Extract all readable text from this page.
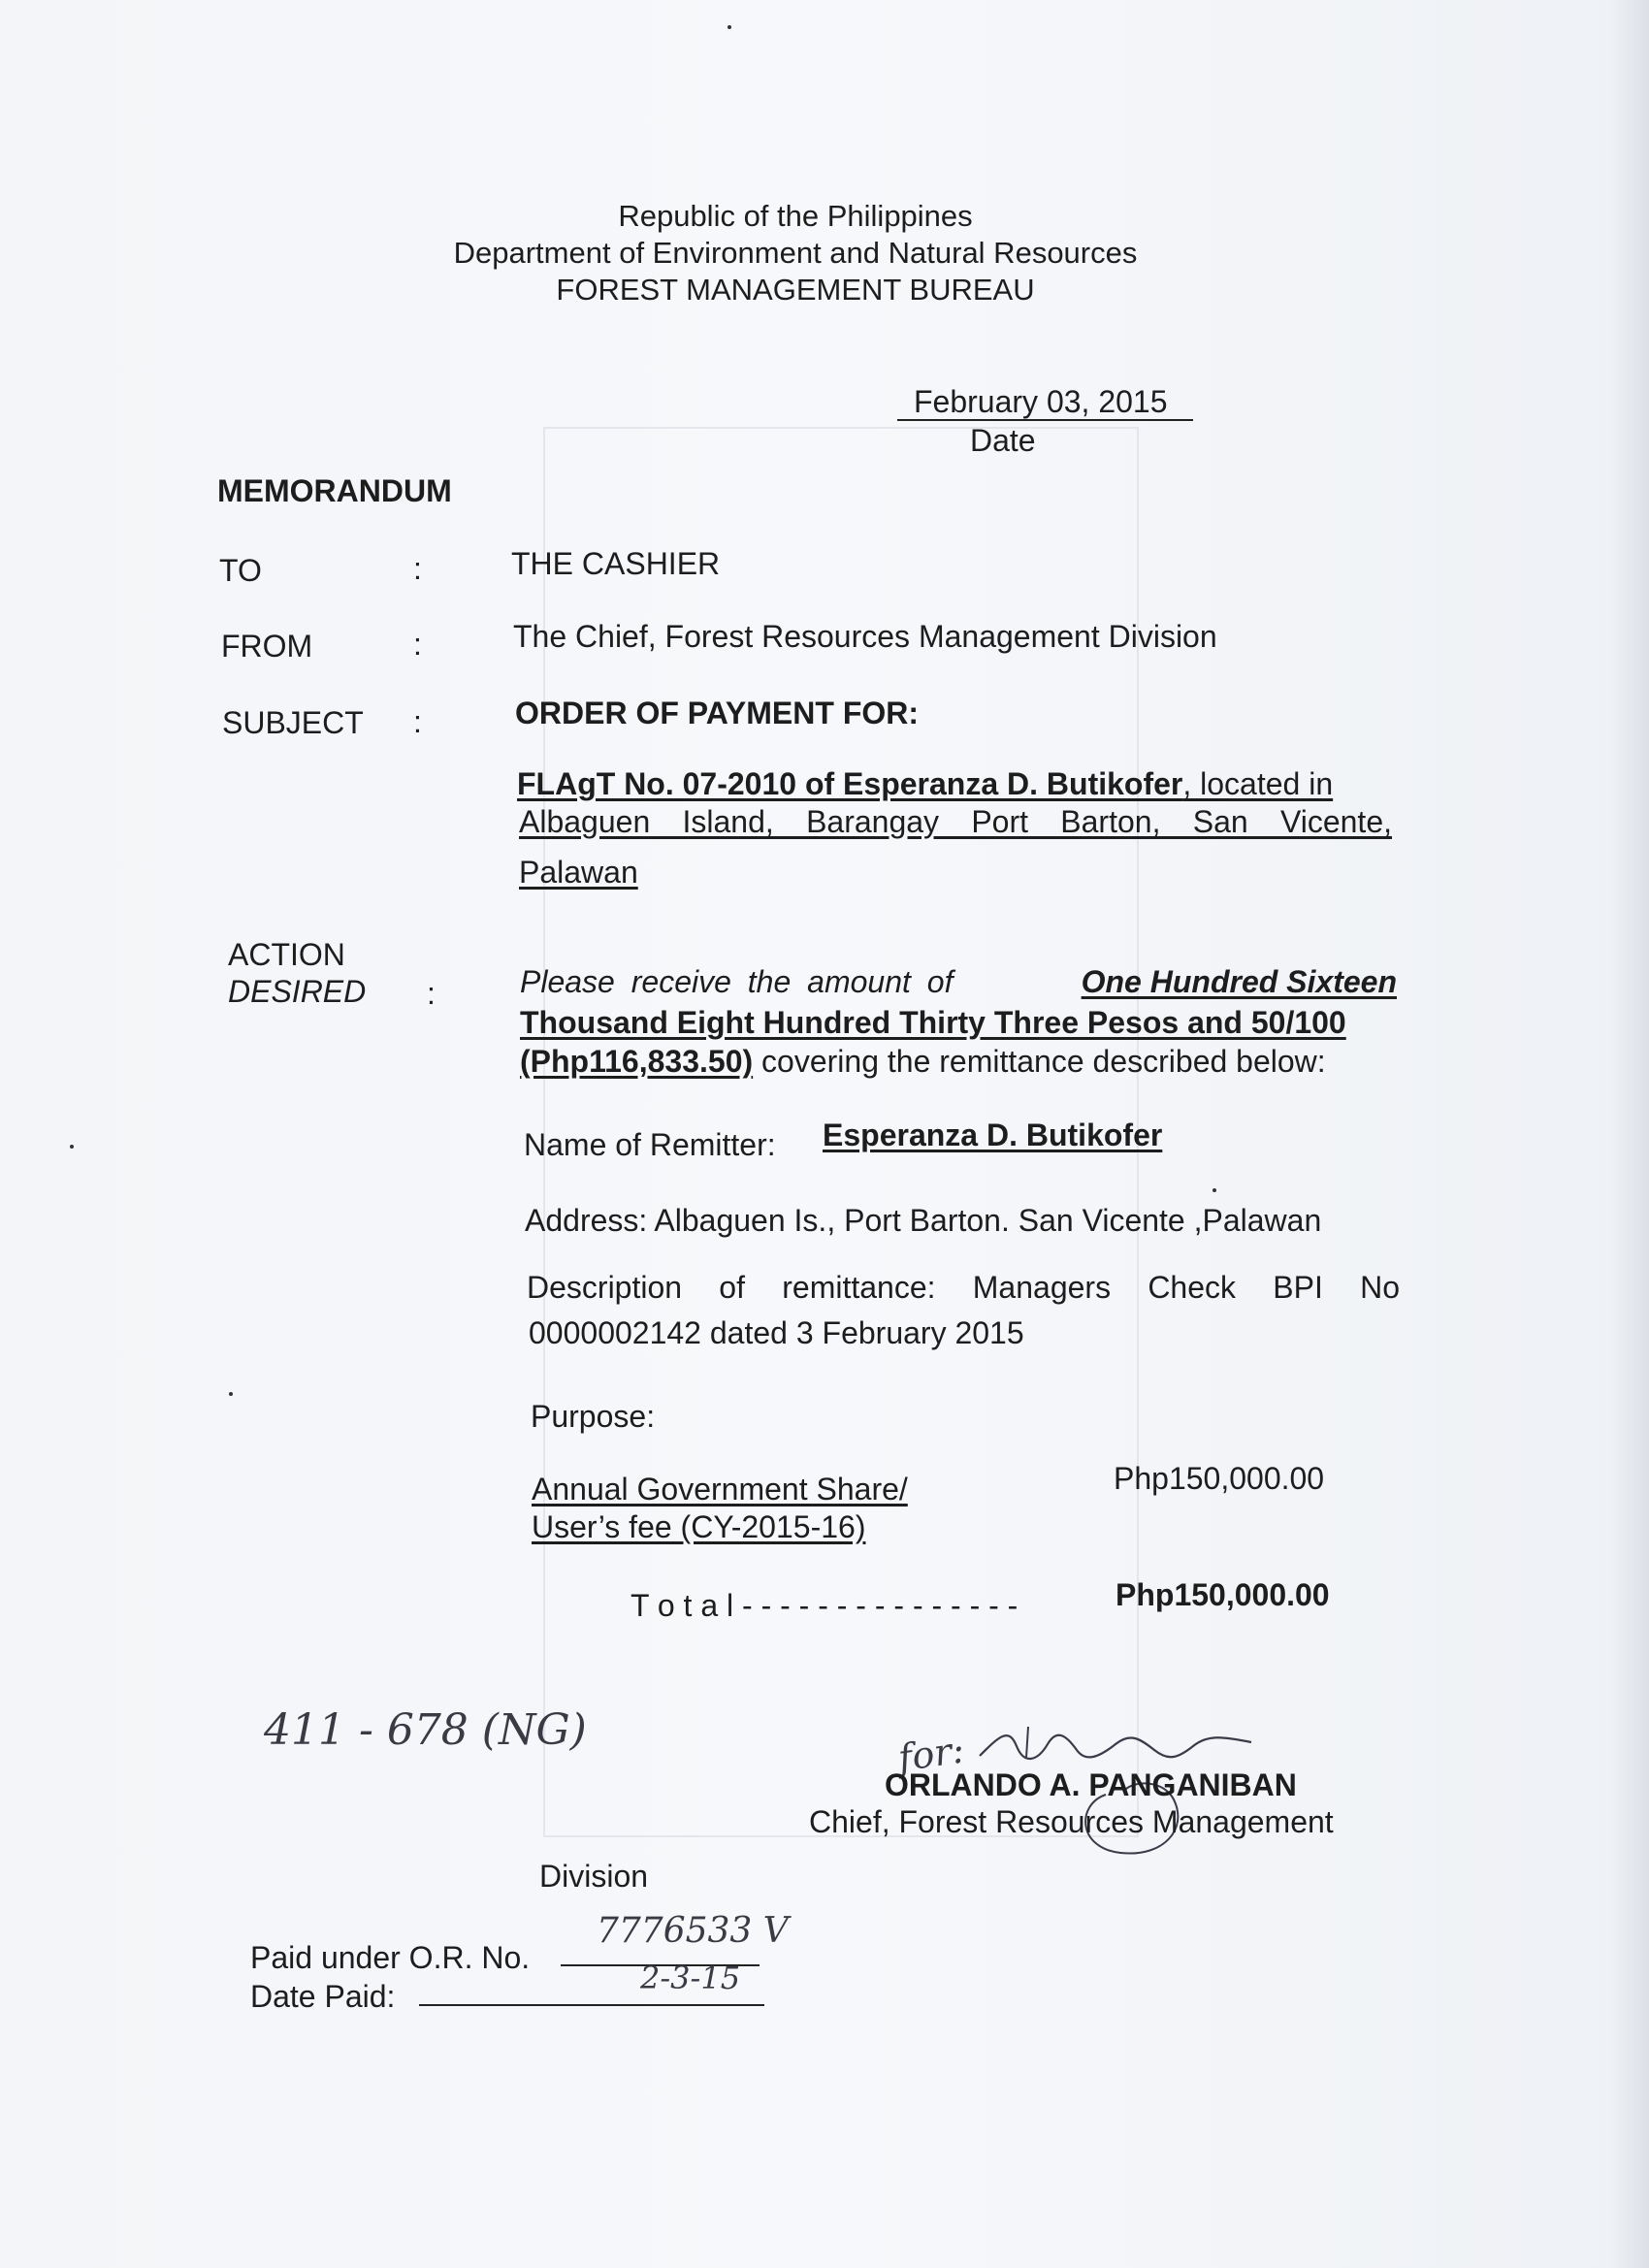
Republic of the Philippines
Department of Environment and Natural Resources
FOREST MANAGEMENT BUREAU
February 03, 2015
Date
MEMORANDUM
TO	:	THE CASHIER
FROM	:	The Chief, Forest Resources Management Division
SUBJECT :	ORDER OF PAYMENT FOR:
FLAgT No. 07-2010 of Esperanza D. Butikofer, located in
Albaguen Island, Barangay Port Barton, San Vicente,
Palawan
ACTION
DESIRED :	Please receive the amount of	One Hundred Sixteen
Thousand Eight Hundred Thirty Three Pesos and 50/100
(Php116,833.50) covering the remittance described below:
Name of Remitter: Esperanza D. Butikofer
Address: Albaguen Is., Port Barton. San Vicente ,Palawan
Description of remittance: Managers Check BPI No
0000002142 dated 3 February 2015
Purpose:
Annual Government Share/
User’s fee (CY-2015-16)
Php150,000.00
T o t a l - - - - - - - - - - - - - - -	Php150,000.00
411 - 678 (NG)	for:
ORLANDO A. PANGANIBAN
Chief, Forest Resources Management
Division
Paid under O.R. No.
7776533 V
Date Paid:	2-3-15
